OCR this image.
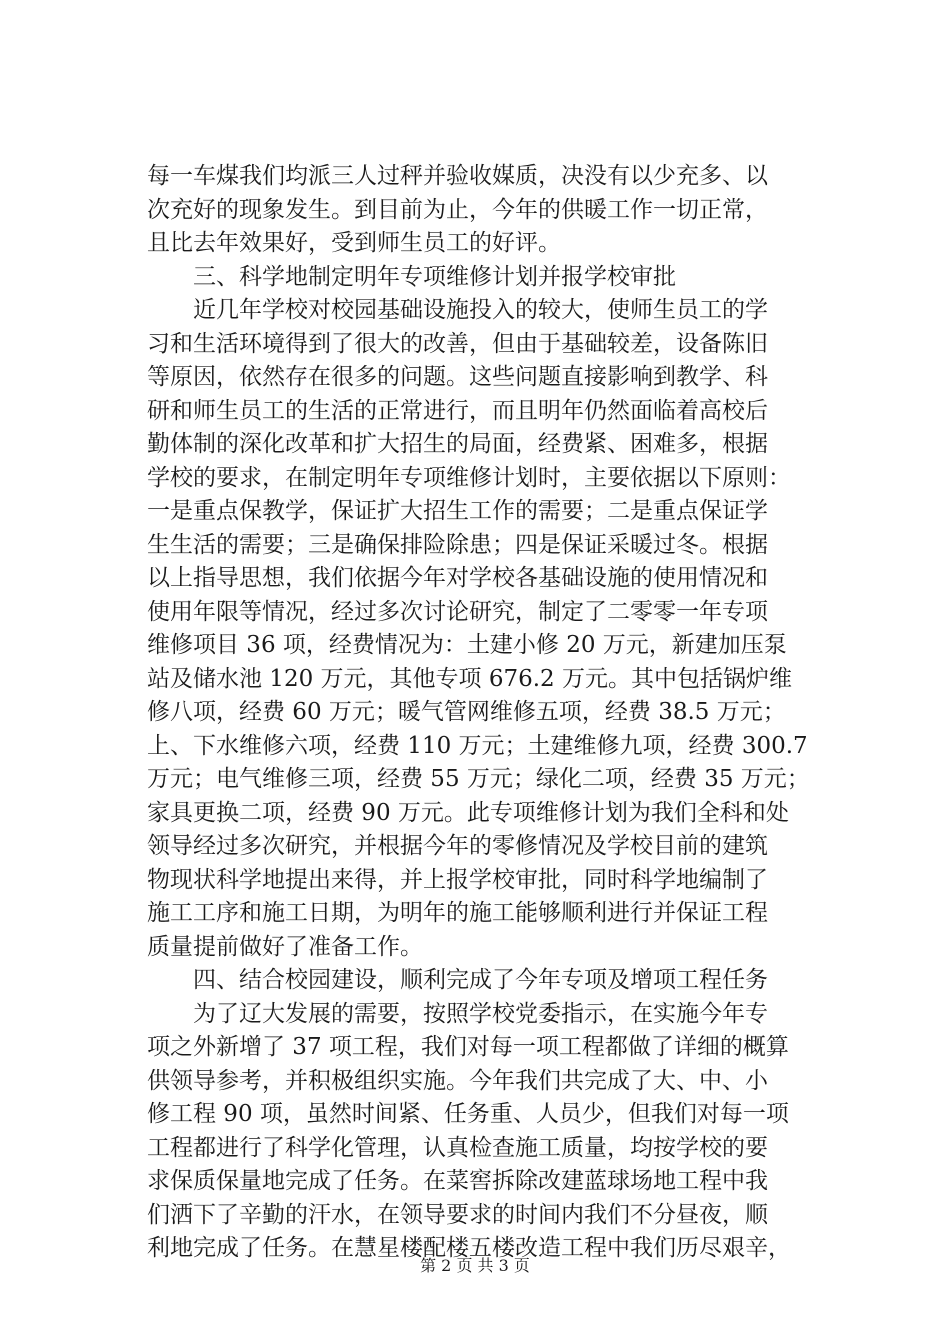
每一车煤我们均派三人过秤并验收媒质，决没有以少充多、以
次充好的现象发生。到目前为止，今年的供暖工作一切正常，
且比去年效果好，受到师生员工的好评。
三、科学地制定明年专项维修计划并报学校审批
近几年学校对校园基础设施投入的较大，使师生员工的学
习和生活环境得到了很大的改善，但由于基础较差，设备陈旧
等原因，依然存在很多的问题。这些问题直接影响到教学、科
研和师生员工的生活的正常进行，而且明年仍然面临着高校后
勤体制的深化改革和扩大招生的局面，经费紧、困难多，根据
学校的要求，在制定明年专项维修计划时，主要依据以下原则：
一是重点保教学，保证扩大招生工作的需要；二是重点保证学
生生活的需要；三是确保排险除患；四是保证采暖过冬。根据
以上指导思想，我们依据今年对学校各基础设施的使用情况和
使用年限等情况，经过多次讨论研究，制定了二零零一年专项
维修项目 36 项，经费情况为：土建小修 20 万元，新建加压泵
站及储水池 120 万元，其他专项 676.2 万元。其中包括锅炉维
修八项，经费 60 万元；暖气管网维修五项，经费 38.5 万元；
上、下水维修六项，经费 110 万元；土建维修九项，经费 300.7
万元；电气维修三项，经费 55 万元；绿化二项，经费 35 万元；
家具更换二项，经费 90 万元。此专项维修计划为我们全科和处
领导经过多次研究，并根据今年的零修情况及学校目前的建筑
物现状科学地提出来得，并上报学校审批，同时科学地编制了
施工工序和施工日期，为明年的施工能够顺利进行并保证工程
质量提前做好了准备工作。
四、结合校园建设，顺利完成了今年专项及增项工程任务
为了辽大发展的需要，按照学校党委指示，在实施今年专
项之外新增了 37 项工程，我们对每一项工程都做了详细的概算
供领导参考，并积极组织实施。今年我们共完成了大、中、小
修工程 90 项，虽然时间紧、任务重、人员少，但我们对每一项
工程都进行了科学化管理，认真检查施工质量，均按学校的要
求保质保量地完成了任务。在菜窖拆除改建蓝球场地工程中我
们洒下了辛勤的汗水，在领导要求的时间内我们不分昼夜，顺
利地完成了任务。在慧星楼配楼五楼改造工程中我们历尽艰辛，
第 2 页 共 3 页
